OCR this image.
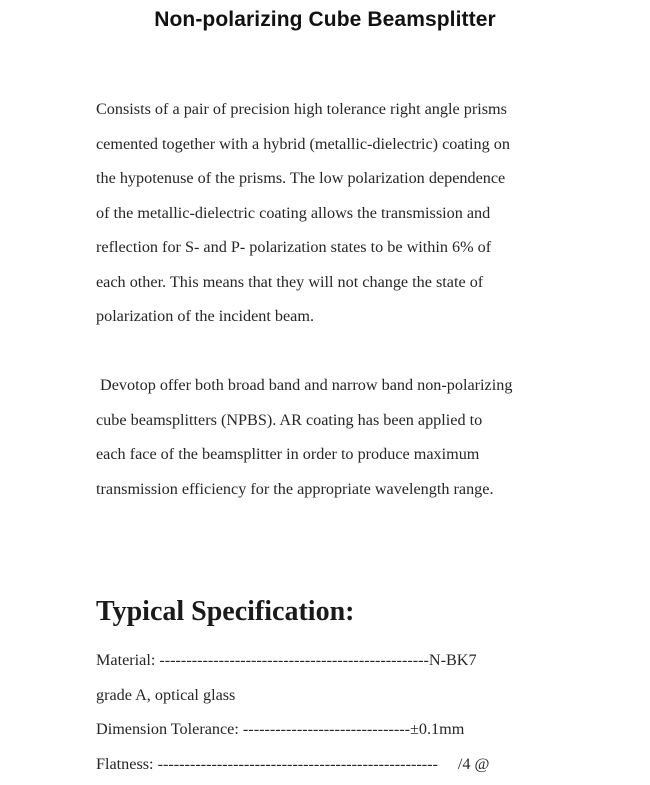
Non-polarizing Cube Beamsplitter
Consists of a pair of precision high tolerance right angle prisms
cemented together with a hybrid (metallic-dielectric) coating on
the hypotenuse of the prisms. The low polarization dependence
of the metallic-dielectric coating allows the transmission and
reflection for S- and P- polarization states to be within 6% of
each other. This means that they will not change the state of
polarization of the incident beam.
Devotop offer both broad band and narrow band non-polarizing
cube beamsplitters (NPBS). AR coating has been applied to
each face of the beamsplitter in order to produce maximum
transmission efficiency for the appropriate wavelength range.
Typical Specification:
Material: --------------------------------------------------N-BK7
grade A, optical glass
Dimension Tolerance: -------------------------------±0.1mm
Flatness: ---------------------------------------------------- /4 @
